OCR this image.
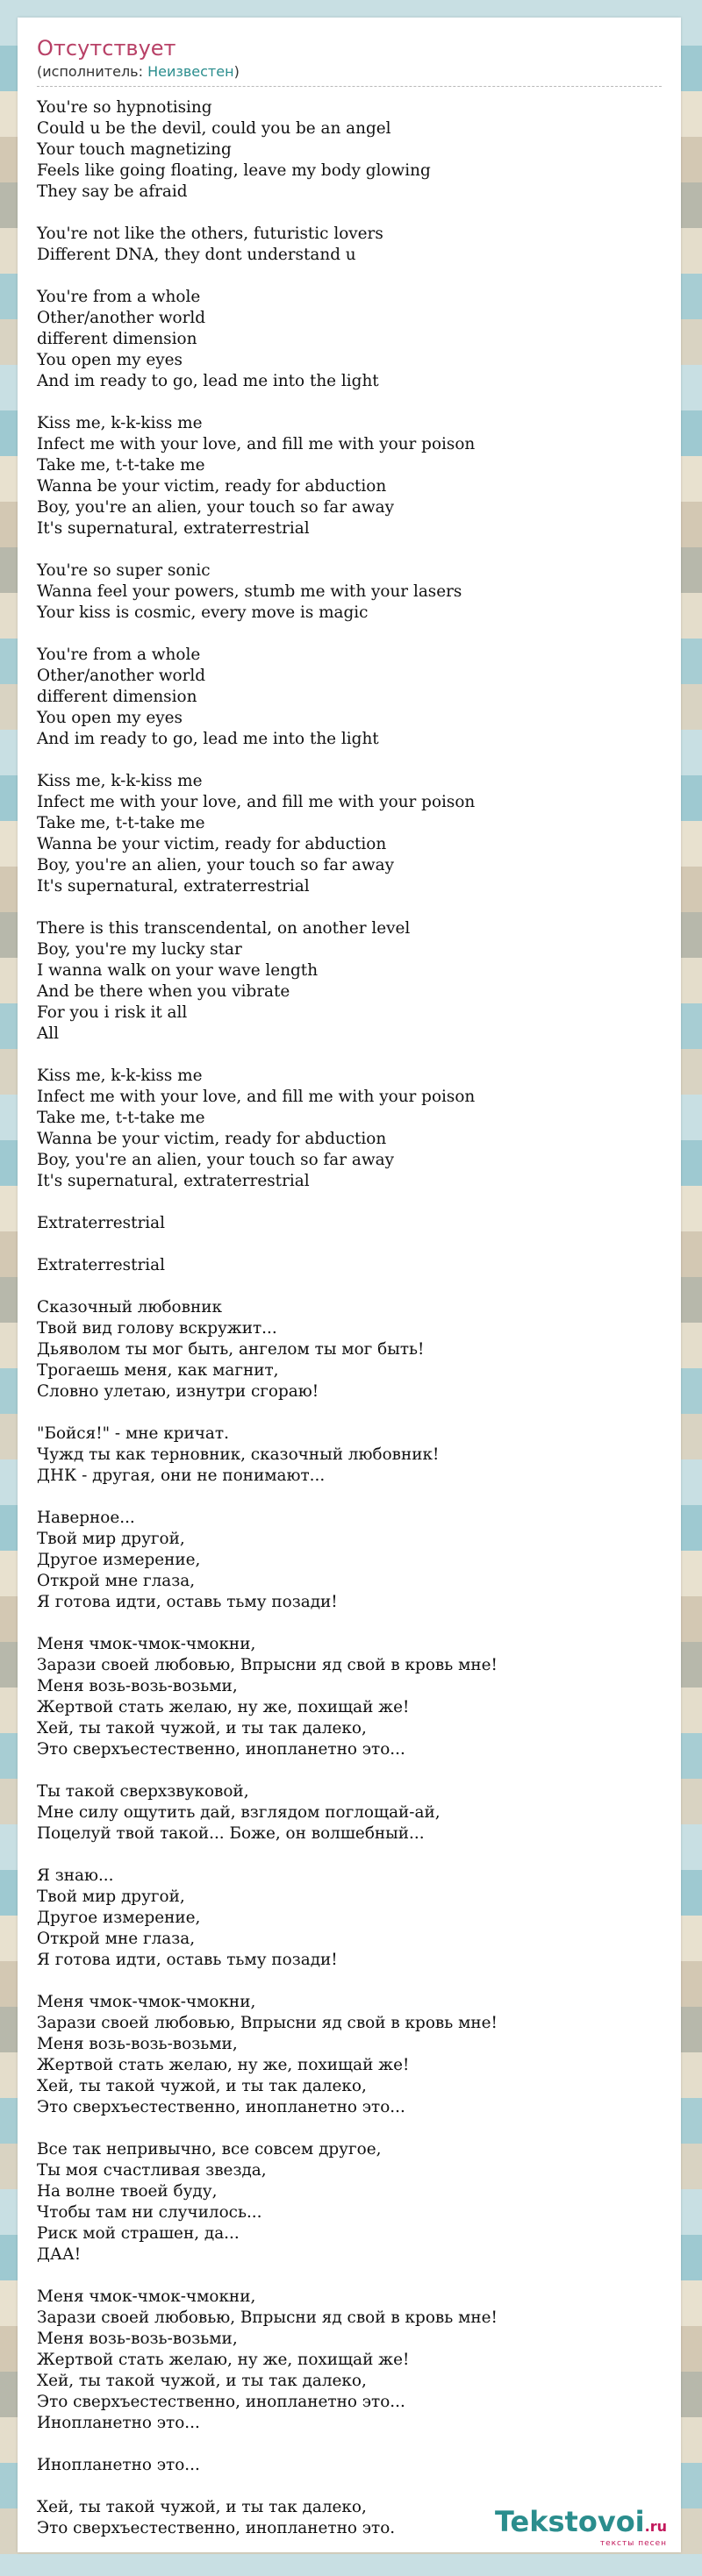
Отсутствует
(исполнитель: Неизвестен)
You're so hypnotising
Could u be the devil, could you be an angel
Your touch magnetizing
Feels like going floating, leave my body glowing
They say be afraid
You're not like the others, futuristic lovers
Different DNA, they dont understand u
You're from a whole
Other/another world
different dimension
You open my eyes
And im ready to go, lead me into the light
Kiss me, k-k-kiss me
Infect me with your love, and fill me with your poison
Take me, t-t-take me
Wanna be your victim, ready for abduction
Boy, you're an alien, your touch so far away
It's supernatural, extraterrestrial
You're so super sonic
Wanna feel your powers, stumb me with your lasers
Your kiss is cosmic, every move is magic
You're from a whole
Other/another world
different dimension
You open my eyes
And im ready to go, lead me into the light
Kiss me, k-k-kiss me
Infect me with your love, and fill me with your poison
Take me, t-t-take me
Wanna be your victim, ready for abduction
Boy, you're an alien, your touch so far away
It's supernatural, extraterrestrial
There is this transcendental, on another level
Boy, you're my lucky star
I wanna walk on your wave length
And be there when you vibrate
For you i risk it all
All
Kiss me, k-k-kiss me
Infect me with your love, and fill me with your poison
Take me, t-t-take me
Wanna be your victim, ready for abduction
Boy, you're an alien, your touch so far away
It's supernatural, extraterrestrial
Extraterrestrial
Extraterrestrial
Сказочный любовник
Твой вид голову вскружит...
Дьяволом ты мог быть, ангелом ты мог быть!
Трогаешь меня, как магнит,
Словно улетаю, изнутри сгораю!
"Бойся!" - мне кричат.
Чужд ты как терновник, сказочный любовник!
ДНК - другая, они не понимают...
Наверное...
Твой мир другой,
Другое измерение,
Открой мне глаза,
Я готова идти, оставь тьму позади!
Меня чмок-чмок-чмокни,
Зарази своей любовью, Впрысни яд свой в кровь мне!
Меня возь-возь-возьми,
Жертвой стать желаю, ну же, похищай же!
Хей, ты такой чужой, и ты так далеко,
Это сверхъестественно, инопланетно это...
Ты такой сверхзвуковой,
Мне силу ощутить дай, взглядом поглощай-ай,
Поцелуй твой такой... Боже, он волшебный...
Я знаю...
Твой мир другой,
Другое измерение,
Открой мне глаза,
Я готова идти, оставь тьму позади!
Меня чмок-чмок-чмокни,
Зарази своей любовью, Впрысни яд свой в кровь мне!
Меня возь-возь-возьми,
Жертвой стать желаю, ну же, похищай же!
Хей, ты такой чужой, и ты так далеко,
Это сверхъестественно, инопланетно это...
Все так непривычно, все совсем другое,
Ты моя счастливая звезда,
На волне твоей буду,
Чтобы там ни случилось...
Риск мой страшен, да...
ДАА!
Меня чмок-чмок-чмокни,
Зарази своей любовью, Впрысни яд свой в кровь мне!
Меня возь-возь-возьми,
Жертвой стать желаю, ну же, похищай же!
Хей, ты такой чужой, и ты так далеко,
Это сверхъестественно, инопланетно это...
Инопланетно это...
Инопланетно это...
Хей, ты такой чужой, и ты так далеко,
Это сверхъестественно, инопланетно это.	Tekstovoi.ru
тексты песен
